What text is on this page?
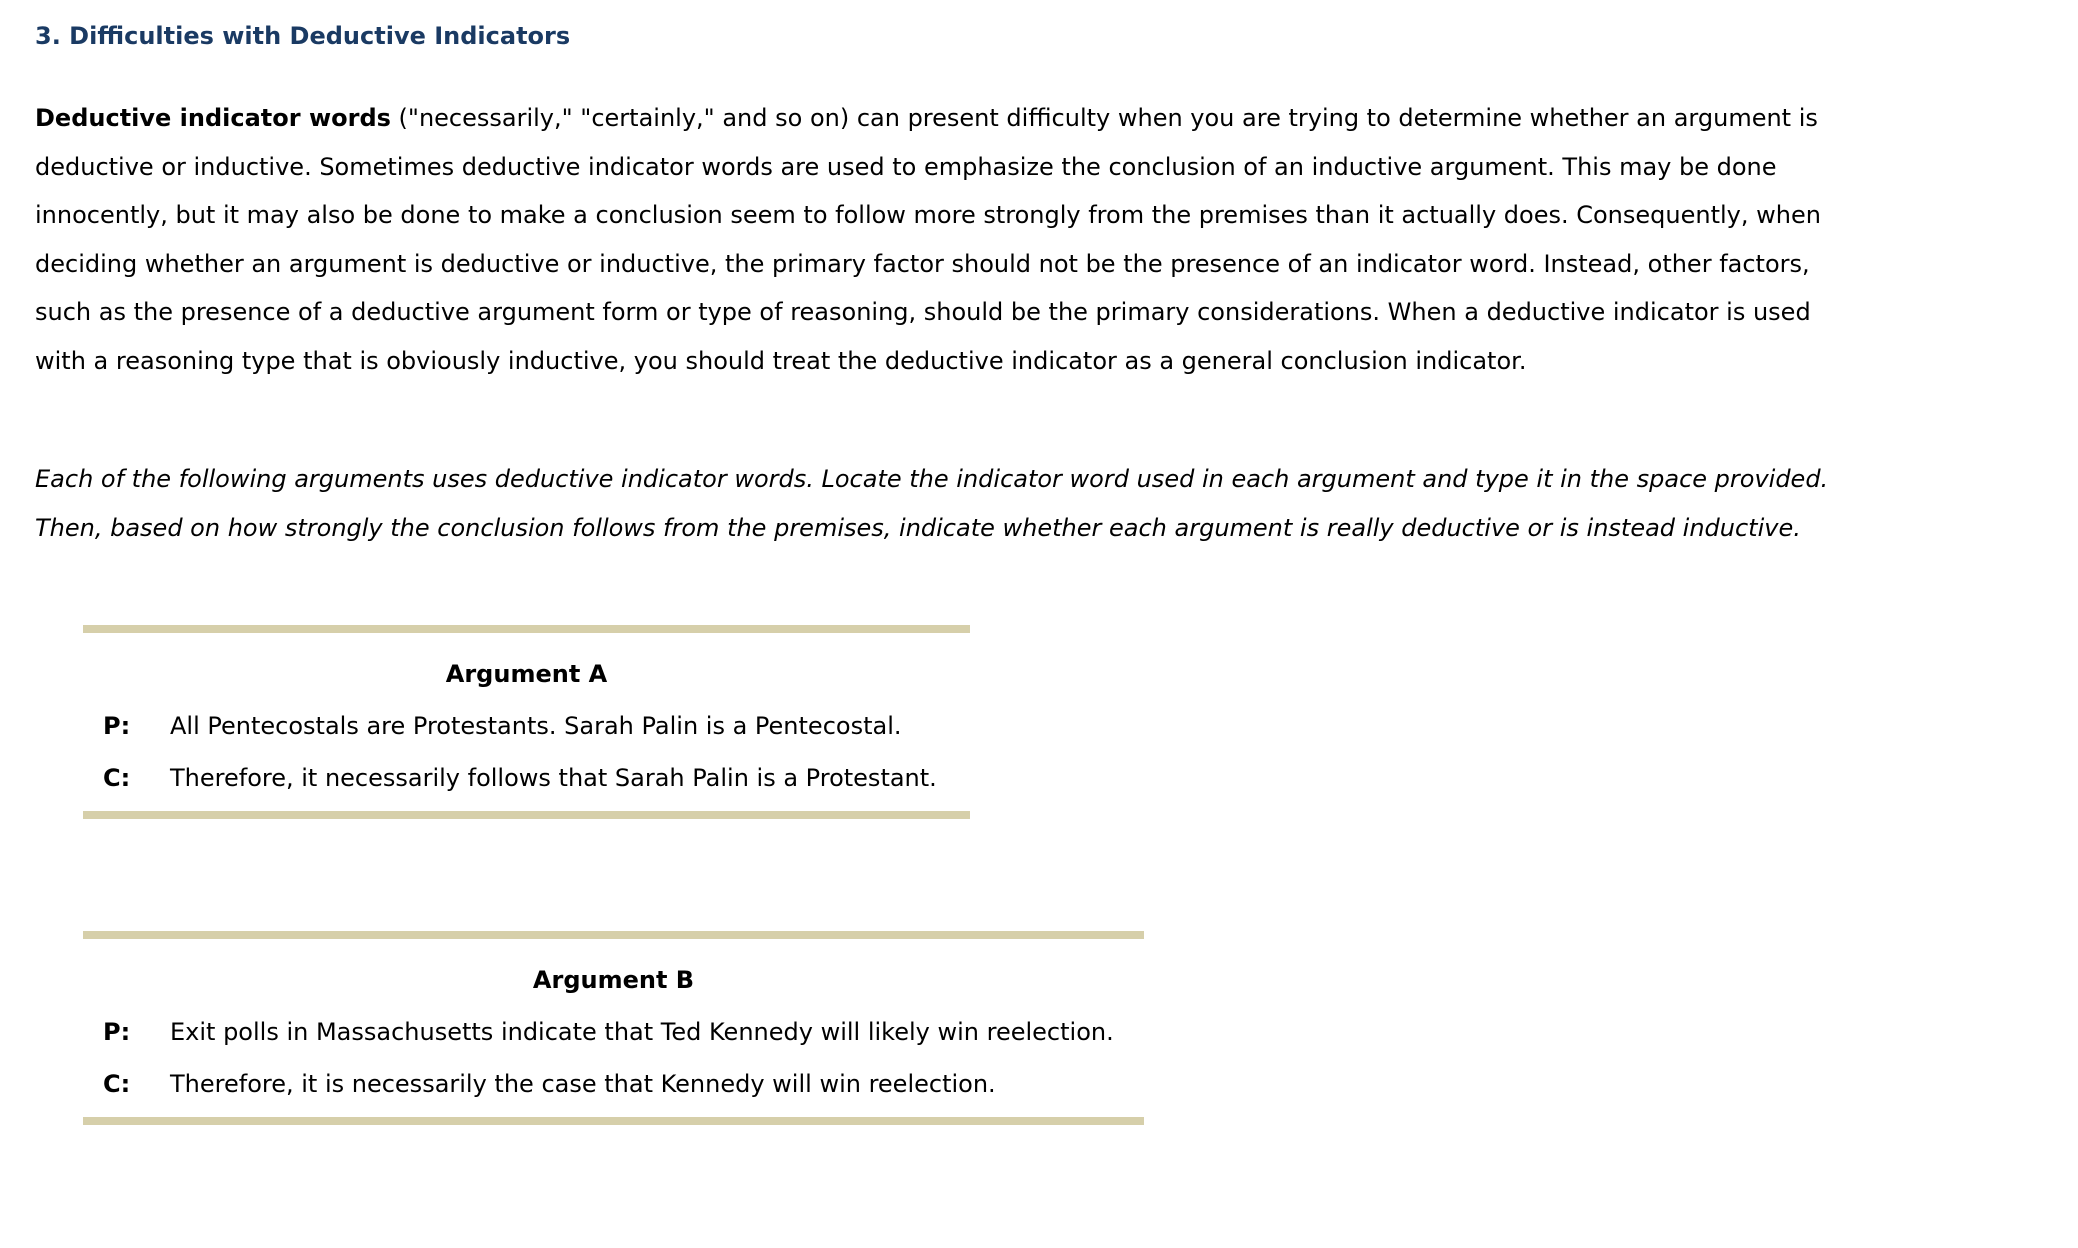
3. Difficulties with Deductive Indicators

Deductive indicator words ("necessarily," "certainly," and so on) can present difficulty when you are trying to determine whether an argument is deductive or inductive. Sometimes deductive indicator words are used to emphasize the conclusion of an inductive argument. This may be done innocently, but it may also be done to make a conclusion seem to follow more strongly from the premises than it actually does. Consequently, when deciding whether an argument is deductive or inductive, the primary factor should not be the presence of an indicator word. Instead, other factors, such as the presence of a deductive argument form or type of reasoning, should be the primary considerations. When a deductive indicator is used with a reasoning type that is obviously inductive, you should treat the deductive indicator as a general conclusion indicator.

Each of the following arguments uses deductive indicator words. Locate the indicator word used in each argument and type it in the space provided. Then, based on how strongly the conclusion follows from the premises, indicate whether each argument is really deductive or is instead inductive.

Argument A
P:	All Pentecostals are Protestants. Sarah Palin is a Pentecostal.
C:	Therefore, it necessarily follows that Sarah Palin is a Protestant.
Argument B
P:	Exit polls in Massachusetts indicate that Ted Kennedy will likely win reelection.
C:	Therefore, it is necessarily the case that Kennedy will win reelection.
